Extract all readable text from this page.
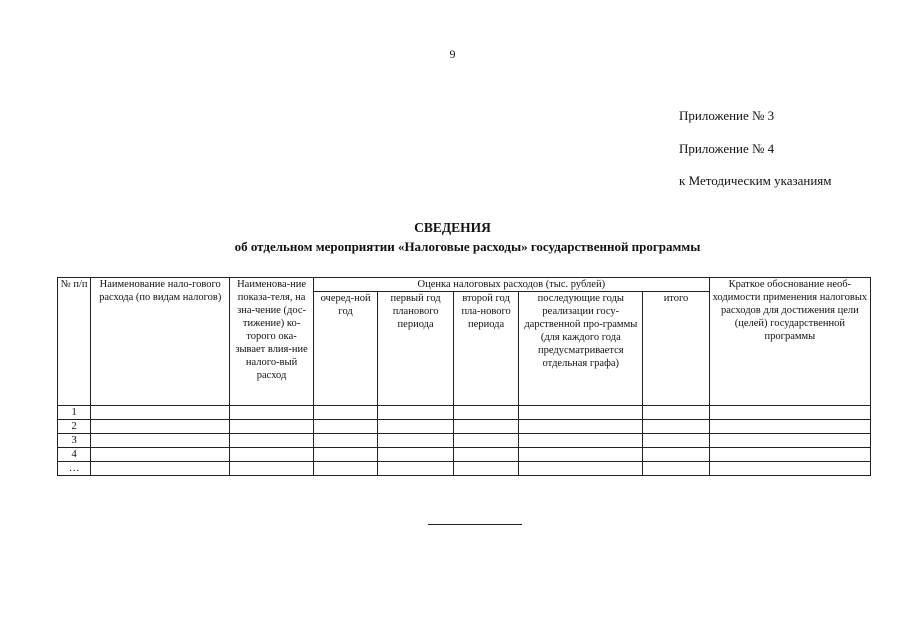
9
Приложение № 3
Приложение № 4
к Методическим указаниям
СВЕДЕНИЯ
об отдельном мероприятии «Налоговые расходы» государственной программы
№ п/п	Наименование нало-гового расхода (по видам налогов)	Наименова-ние показа-теля, на зна-чение (дос-тижение) ко-торого ока-зывает влия-ние налого-вый расход	Оценка налоговых расходов (тыс. рублей)					Краткое обоснование необ-ходимости применения налоговых расходов для достижения цели (целей) государственной программы
			очеред-ной год	первый год планового периода	второй год пла-нового периода	последующие годы реализации госу-дарственной про-граммы (для каждого года предусматривается отдельная графа)	итого	
1								
2								
3								
4								
…								
